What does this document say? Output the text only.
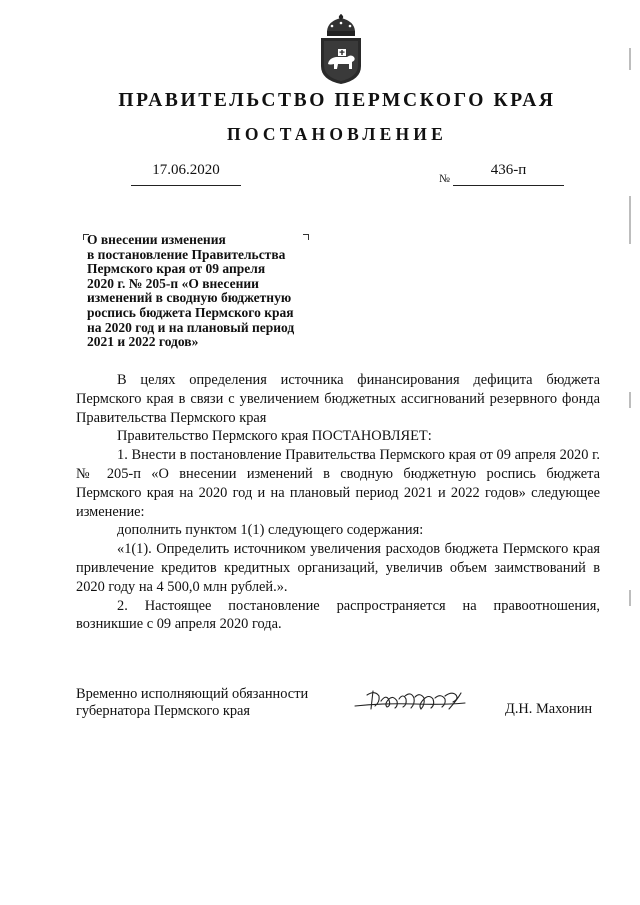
ПРАВИТЕЛЬСТВО ПЕРМСКОГО КРАЯ
ПОСТАНОВЛЕНИЕ
17.06.2020
№
436-п
О внесении изменения
в постановление Правительства
Пермского края от 09 апреля
2020 г. № 205-п «О внесении
изменений в сводную бюджетную
роспись бюджета Пермского края
на 2020 год и на плановый период
2021 и 2022 годов»

В целях определения источника финансирования дефицита бюджета Пермского края в связи с увеличением бюджетных ассигнований резервного фонда Правительства Пермского края

Правительство Пермского края ПОСТАНОВЛЯЕТ:

1. Внести в постановление Правительства Пермского края от 09 апреля 2020 г. № 205-п «О внесении изменений в сводную бюджетную роспись бюджета Пермского края на 2020 год и на плановый период 2021 и 2022 годов» следующее изменение:

дополнить пунктом 1(1) следующего содержания:

«1(1). Определить источником увеличения расходов бюджета Пермского края привлечение кредитов кредитных организаций, увеличив объем заимствований в 2020 году на 4 500,0 млн рублей.».

2. Настоящее постановление распространяется на правоотношения, возникшие с 09 апреля 2020 года.

Временно исполняющий обязанности
губернатора Пермского края	Д.Н. Махонин
